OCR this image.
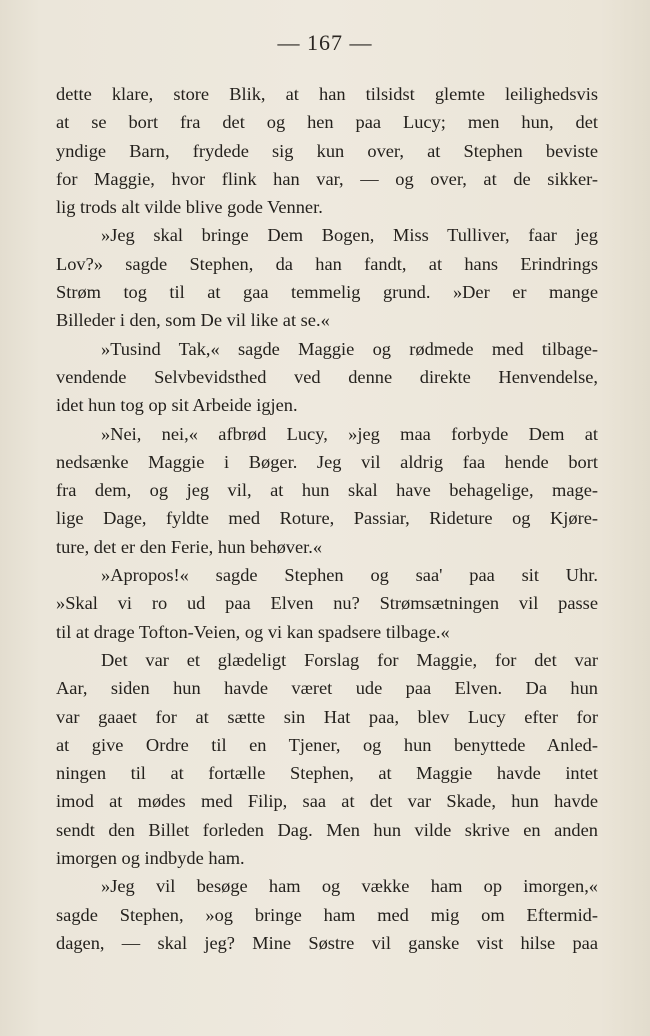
— 167 —
dette klare, store Blik, at han tilsidst glemte leilighedsvis
at se bort fra det og hen paa Lucy; men hun, det
yndige Barn, frydede sig kun over, at Stephen beviste
for Maggie, hvor flink han var, — og over, at de sikker-
lig trods alt vilde blive gode Venner.
»Jeg skal bringe Dem Bogen, Miss Tulliver, faar jeg
Lov?» sagde Stephen, da han fandt, at hans Erindrings
Strøm tog til at gaa temmelig grund. »Der er mange
Billeder i den, som De vil like at se.«
»Tusind Tak,« sagde Maggie og rødmede med tilbage-
vendende Selvbevidsthed ved denne direkte Henvendelse,
idet hun tog op sit Arbeide igjen.
»Nei, nei,« afbrød Lucy, »jeg maa forbyde Dem at
nedsænke Maggie i Bøger. Jeg vil aldrig faa hende bort
fra dem, og jeg vil, at hun skal have behagelige, mage-
lige Dage, fyldte med Roture, Passiar, Rideture og Kjøre-
ture, det er den Ferie, hun behøver.«
»Apropos!« sagde Stephen og saa' paa sit Uhr.
»Skal vi ro ud paa Elven nu? Strømsætningen vil passe
til at drage Tofton-Veien, og vi kan spadsere tilbage.«
Det var et glædeligt Forslag for Maggie, for det var
Aar, siden hun havde været ude paa Elven. Da hun
var gaaet for at sætte sin Hat paa, blev Lucy efter for
at give Ordre til en Tjener, og hun benyttede Anled-
ningen til at fortælle Stephen, at Maggie havde intet
imod at mødes med Filip, saa at det var Skade, hun havde
sendt den Billet forleden Dag. Men hun vilde skrive en anden
imorgen og indbyde ham.
»Jeg vil besøge ham og vække ham op imorgen,«
sagde Stephen, »og bringe ham med mig om Eftermid-
dagen, — skal jeg? Mine Søstre vil ganske vist hilse paa
